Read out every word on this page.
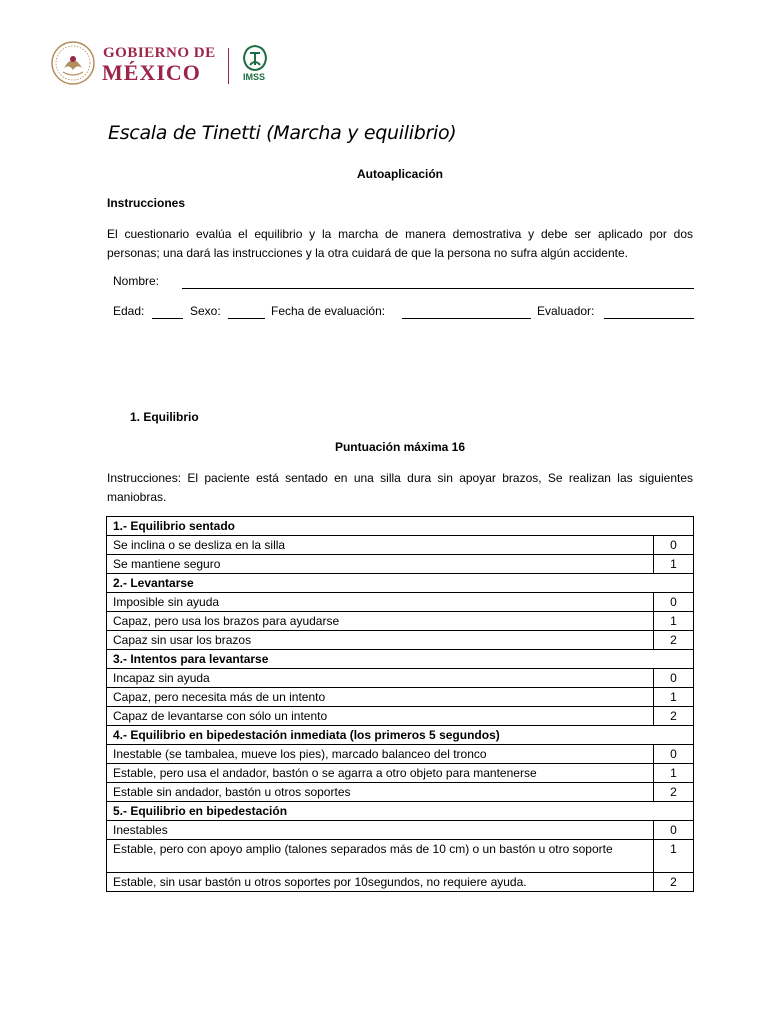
GOBIERNO DE
MÉXICO	IMSS
Escala de Tinetti (Marcha y equilibrio)
Autoaplicación
Instrucciones
El cuestionario evalúa el equilibrio y la marcha de manera demostrativa y debe ser aplicado por dos personas; una dará las instrucciones y la otra cuidará de que la persona no sufra algún accidente.
Nombre:
Edad:	Sexo:	Fecha de evaluación:	Evaluador:
1. Equilibrio
Puntuación máxima 16
Instrucciones: El paciente está sentado en una silla dura sin apoyar brazos, Se realizan las siguientes maniobras.
1.- Equilibrio sentado	
Se inclina o se desliza en la silla	0
Se mantiene seguro	1
2.- Levantarse	
Imposible sin ayuda	0
Capaz, pero usa los brazos para ayudarse	1
Capaz sin usar los brazos	2
3.- Intentos para levantarse	
Incapaz sin ayuda	0
Capaz, pero necesita más de un intento	1
Capaz de levantarse con sólo un intento	2
4.- Equilibrio en bipedestación inmediata (los primeros 5 segundos)	
Inestable (se tambalea, mueve los pies), marcado balanceo del tronco	0
Estable, pero usa el andador, bastón o se agarra a otro objeto para mantenerse	1
Estable sin andador, bastón u otros soportes	2
5.- Equilibrio en bipedestación	
Inestables	0
Estable, pero con apoyo amplio (talones separados más de 10 cm) o un bastón u otro soporte	1
Estable, sin usar bastón u otros soportes por 10segundos, no requiere ayuda.	2
